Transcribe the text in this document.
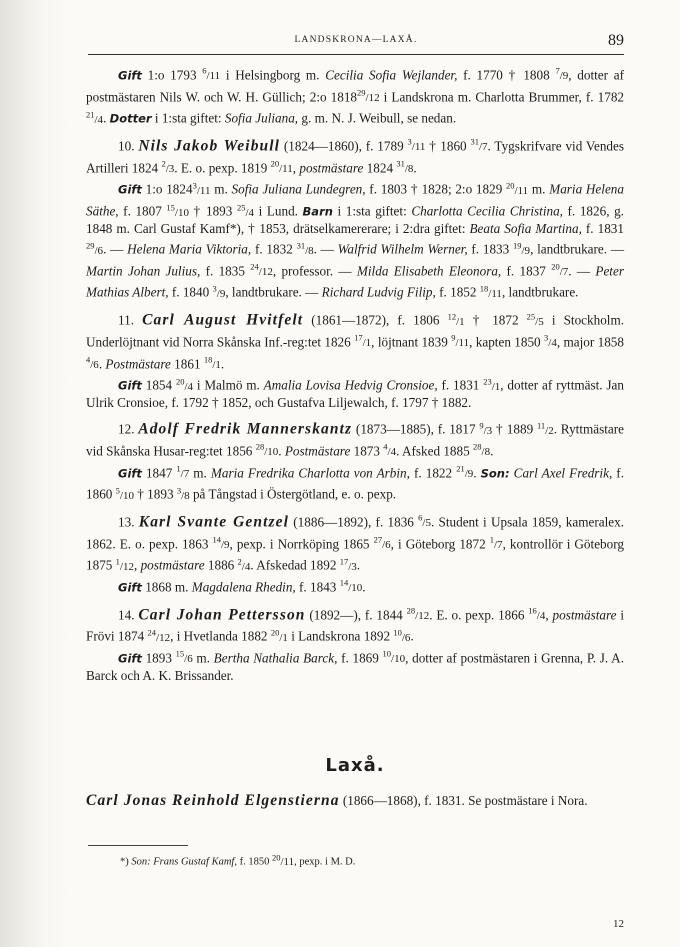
LANDSKRONA—LAXÅ.	89

Gift 1:o 1793 $^6$/11 i Helsingborg m. Cecilia Sofia Wejlander, f. 1770 † 1808 $^7$/9, dotter af postmästaren Nils W. och W. H. Güllich; 2:o 1818$^{29}$/12 i Landskrona m. Charlotta Brummer, f. 1782 $^{21}$/4. Dotter i 1:sta giftet: Sofia Juliana, g. m. N. J. Weibull, se nedan.

10. Nils Jakob Weibull (1824—1860), f. 1789 $^3$/11 † 1860 $^{31}$/7. Tygskrifvare vid Vendes Artilleri 1824 $^2$/3. E. o. pexp. 1819 $^{20}$/11, postmästare 1824 $^{31}$/8.

Gift 1:o 1824$^3$/11 m. Sofia Juliana Lundegren, f. 1803 † 1828; 2:o 1829 $^{20}$/11 m. Maria Helena Säthe, f. 1807 $^{15}$/10 † 1893 $^{25}$/4 i Lund. Barn i 1:sta giftet: Charlotta Cecilia Christina, f. 1826, g. 1848 m. Carl Gustaf Kamf*), † 1853, drätselkamererare; i 2:dra giftet: Beata Sofia Martina, f. 1831 $^{29}$/6. — Helena Maria Viktoria, f. 1832 $^{31}$/8. — Walfrid Wilhelm Werner, f. 1833 $^{19}$/9, landtbrukare. — Martin Johan Julius, f. 1835 $^{24}$/12, professor. — Milda Elisabeth Eleonora, f. 1837 $^{20}$/7. — Peter Mathias Albert, f. 1840 $^3$/9, landtbrukare. — Richard Ludvig Filip, f. 1852 $^{18}$/11, landtbrukare.

11. Carl August Hvitfelt (1861—1872), f. 1806 $^{12}$/1 † 1872 $^{25}$/5 i Stockholm. Underlöjtnant vid Norra Skånska Inf.-reg:tet 1826 $^{17}$/1, löjtnant 1839 $^9$/11, kapten 1850 $^3$/4, major 1858 $^4$/6. Postmästare 1861 $^{18}$/1.

Gift 1854 $^{20}$/4 i Malmö m. Amalia Lovisa Hedvig Cronsioe, f. 1831 $^{23}$/1, dotter af ryttmäst. Jan Ulrik Cronsioe, f. 1792 † 1852, och Gustafva Liljewalch, f. 1797 † 1882.

12. Adolf Fredrik Mannerskantz (1873—1885), f. 1817 $^9$/3 † 1889 $^{11}$/2. Ryttmästare vid Skånska Husar-reg:tet 1856 $^{28}$/10. Postmästare 1873 $^4$/4. Afsked 1885 $^{28}$/8.

Gift 1847 $^1$/7 m. Maria Fredrika Charlotta von Arbin, f. 1822 $^{21}$/9. Son: Carl Axel Fredrik, f. 1860 $^5$/10 † 1893 $^3$/8 på Tångstad i Östergötland, e. o. pexp.

13. Karl Svante Gentzel (1886—1892), f. 1836 $^6$/5. Student i Upsala 1859, kameralex. 1862. E. o. pexp. 1863 $^{14}$/9, pexp. i Norrköping 1865 $^{27}$/6, i Göteborg 1872 $^1$/7, kontrollör i Göteborg 1875 $^1$/12, postmästare 1886 $^2$/4. Afskedad 1892 $^{17}$/3.

Gift 1868 m. Magdalena Rhedin, f. 1843 $^{14}$/10.

14. Carl Johan Pettersson (1892—), f. 1844 $^{28}$/12. E. o. pexp. 1866 $^{16}$/4, postmästare i Frövi 1874 $^{24}$/12, i Hvetlanda 1882 $^{20}$/1 i Landskrona 1892 $^{10}$/6.

Gift 1893 $^{15}$/6 m. Bertha Nathalia Barck, f. 1869 $^{10}$/10, dotter af postmästaren i Grenna, P. J. A. Barck och A. K. Brissander.

Laxå.

Carl Jonas Reinhold Elgenstierna (1866—1868), f. 1831. Se postmästare i Nora.

*) Son: Frans Gustaf Kamf, f. 1850 $^{20}$/11, pexp. i M. D.
12
